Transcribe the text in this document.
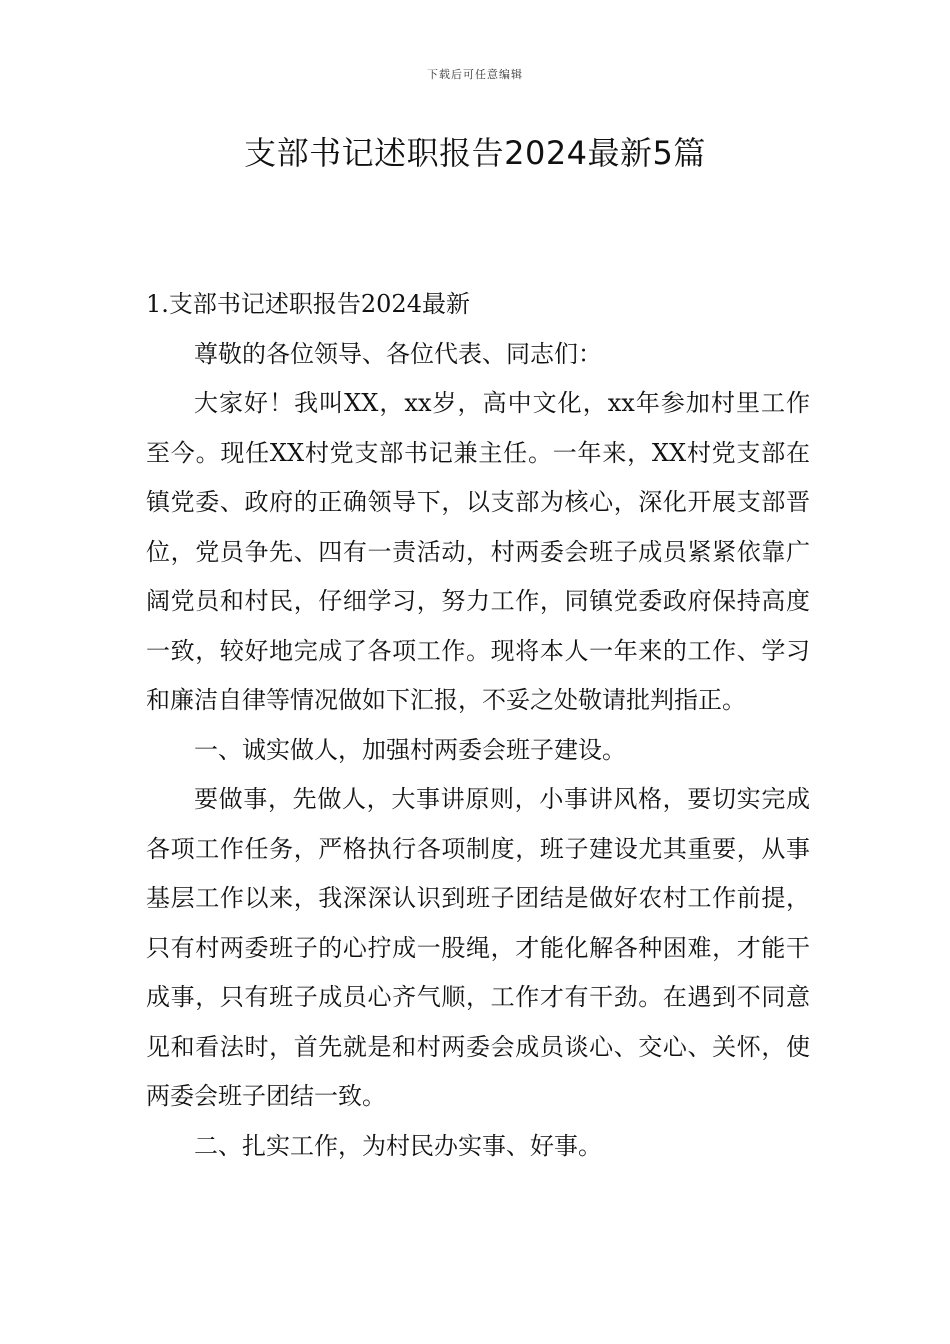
下载后可任意编辑
支部书记述职报告2024最新5篇

1.支部书记述职报告2024最新

尊敬的各位领导、各位代表、同志们：

大家好！我叫XX，xx岁，高中文化，xx年参加村里工作至今。现任XX村党支部书记兼主任。一年来，XX村党支部在镇党委、政府的正确领导下，以支部为核心，深化开展支部晋位，党员争先、四有一责活动，村两委会班子成员紧紧依靠广阔党员和村民，仔细学习，努力工作，同镇党委政府保持高度一致，较好地完成了各项工作。现将本人一年来的工作、学习和廉洁自律等情况做如下汇报，不妥之处敬请批判指正。

一、诚实做人，加强村两委会班子建设。

要做事，先做人，大事讲原则，小事讲风格，要切实完成各项工作任务，严格执行各项制度，班子建设尤其重要，从事基层工作以来，我深深认识到班子团结是做好农村工作前提，只有村两委班子的心拧成一股绳，才能化解各种困难，才能干成事，只有班子成员心齐气顺，工作才有干劲。在遇到不同意见和看法时，首先就是和村两委会成员谈心、交心、关怀，使两委会班子团结一致。

二、扎实工作，为村民办实事、好事。
